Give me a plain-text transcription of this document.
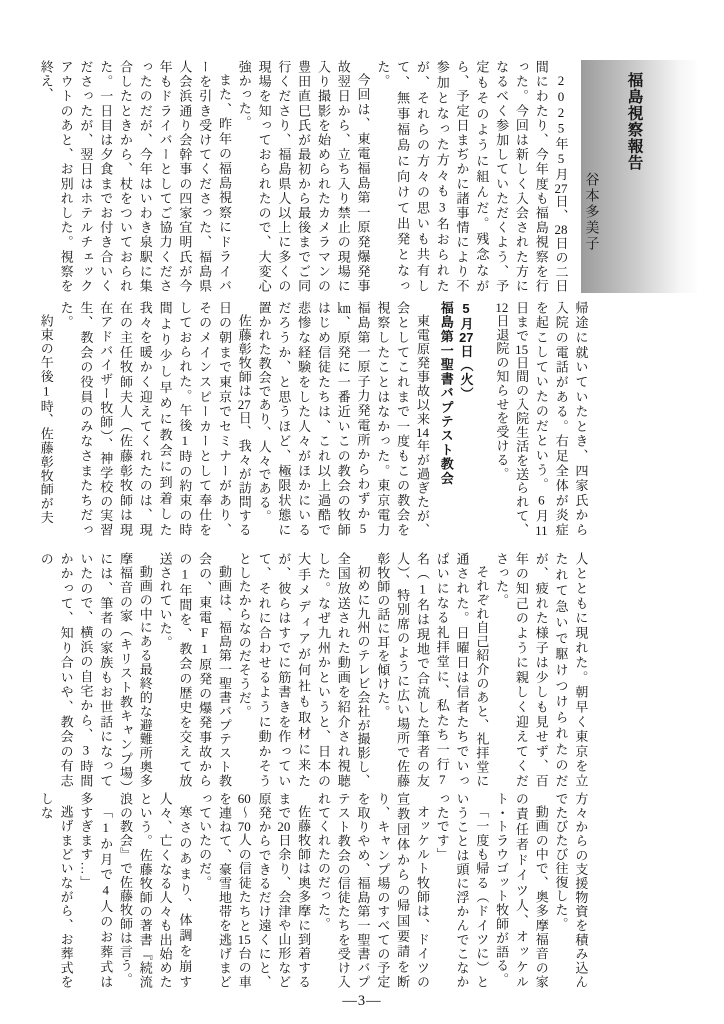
2025年5月27日、28日の二日間にわたり、今年度も福島視察を行った。今回は新しく入会された方になるべく参加していただくよう、予定もそのように組んだ。残念ながら、予定日まぢかに諸事情により不参加となった方々も3名おられたが、それらの方々の思いも共有して、無事福島に向けて出発となった。

今回は、東電福島第一原発爆発事故翌日から、立ち入り禁止の現場に入り撮影を始められたカメラマンの豊田直巳氏が最初から最後までご同行くださり、福島県人以上に多くの現場を知っておられたので、大変心強かった。

また、昨年の福島視察にドライバーを引き受けてくださった、福島県人会浜通り会幹事の四家宜明氏が今年もドライバーとしてご協力くださったのだが、今年はいわき泉駅に集合したときから、杖をついておられた。一日目は夕食までお付き合いくださったが、翌日はホテルチェックアウトのあと、お別れした。視察を終え、	福島視察報告

谷本多美子

帰途に就いていたとき、四家氏から入院の電話がある。右足全体が炎症を起こしていたのだという。6月11日まで15日間の入院生活を送られて、12日退院の知らせを受ける。

5月27日（火）

福島第一聖書バプテスト教会

東電原発事故以来14年が過ぎたが、会としてこれまで一度もこの教会を視察したことはなかった。東京電力福島第一原子力発電所からわずか5㎞、原発に一番近いこの教会の牧師はじめ信徒たちは、これ以上過酷で悲惨な経験をした人々がほかにいるだろうか、と思うほど、極限状態に置かれた教会であり、人々である。

佐藤彰牧師は27日、我々が訪問する日の朝まで東京でセミナーがあり、そのメインスピーカーとして奉仕をしておられた。午後1時の約束の時間より少し早めに教会に到着した我々を暖かく迎えてくれたのは、現在の主任牧師夫人（佐藤彰牧師は現在アドバイザー牧師）、神学校の実習生、教会の役員のみなさまたちだった。

約束の午後1時、佐藤彰牧師が夫

人とともに現れた。朝早く東京を立たれて急いで駆けつけられたのだが、疲れた様子は少しも見せず、百年の知己のように親しく迎えてくださった。

それぞれ自己紹介のあと、礼拝堂に通された。日曜日は信者たちでいっぱいになる礼拝堂に、私たち一行7名（1名は現地で合流した筆者の友人）、特別席のように広い場所で佐藤彰牧師の話に耳を傾けた。

初めに九州のテレビ会社が撮影し、全国放送された動画を紹介され視聴した。なぜ九州かというと、日本の大手メディアが何社も取材に来たが、彼らはすでに筋書きを作っていて、それに合わせるように動かそうとしたからなのだそうだ。

動画は、福島第一聖書バプテスト教会の、東電F1原発の爆発事故からの1年間を、教会の歴史を交えて放送されていた。

動画の中にある最終的な避難所奥多摩福音の家（キリスト教キャンプ場）には、筆者の家族もお世話になっていたので、横浜の自宅から、3時間かかって、知り合いや、教会の有志の

方々からの支援物資を積み込んでたびたび往復した。

動画の中で、奥多摩福音の家の責任者ドイツ人、オッケルト・トラウゴット牧師が語る。

「一度も帰る（ドイツに）ということは頭に浮かんでこなかったです」

オッケルト牧師は、ドイツの宣教団体からの帰国要請を断り、キャンプ場のすべての予定を取りやめ、福島第一聖書バプテスト教会の信徒たちを受け入れてくれたのだった。

佐藤牧師は奥多摩に到着するまで20日余り、会津や山形など原発からできるだけ遠くにと、60〜70人の信徒たちと15台の車を連ねて、豪雪地帯を逃げまどっていたのだ。

寒さのあまり、体調を崩す人々、亡くなる人々も出始めたという。佐藤牧師の著書『続流浪の教会』で佐藤牧師は言う。

「1か月で4人のお葬式は多すぎます…」

逃げまどいながら、お葬式をしな

―3―
